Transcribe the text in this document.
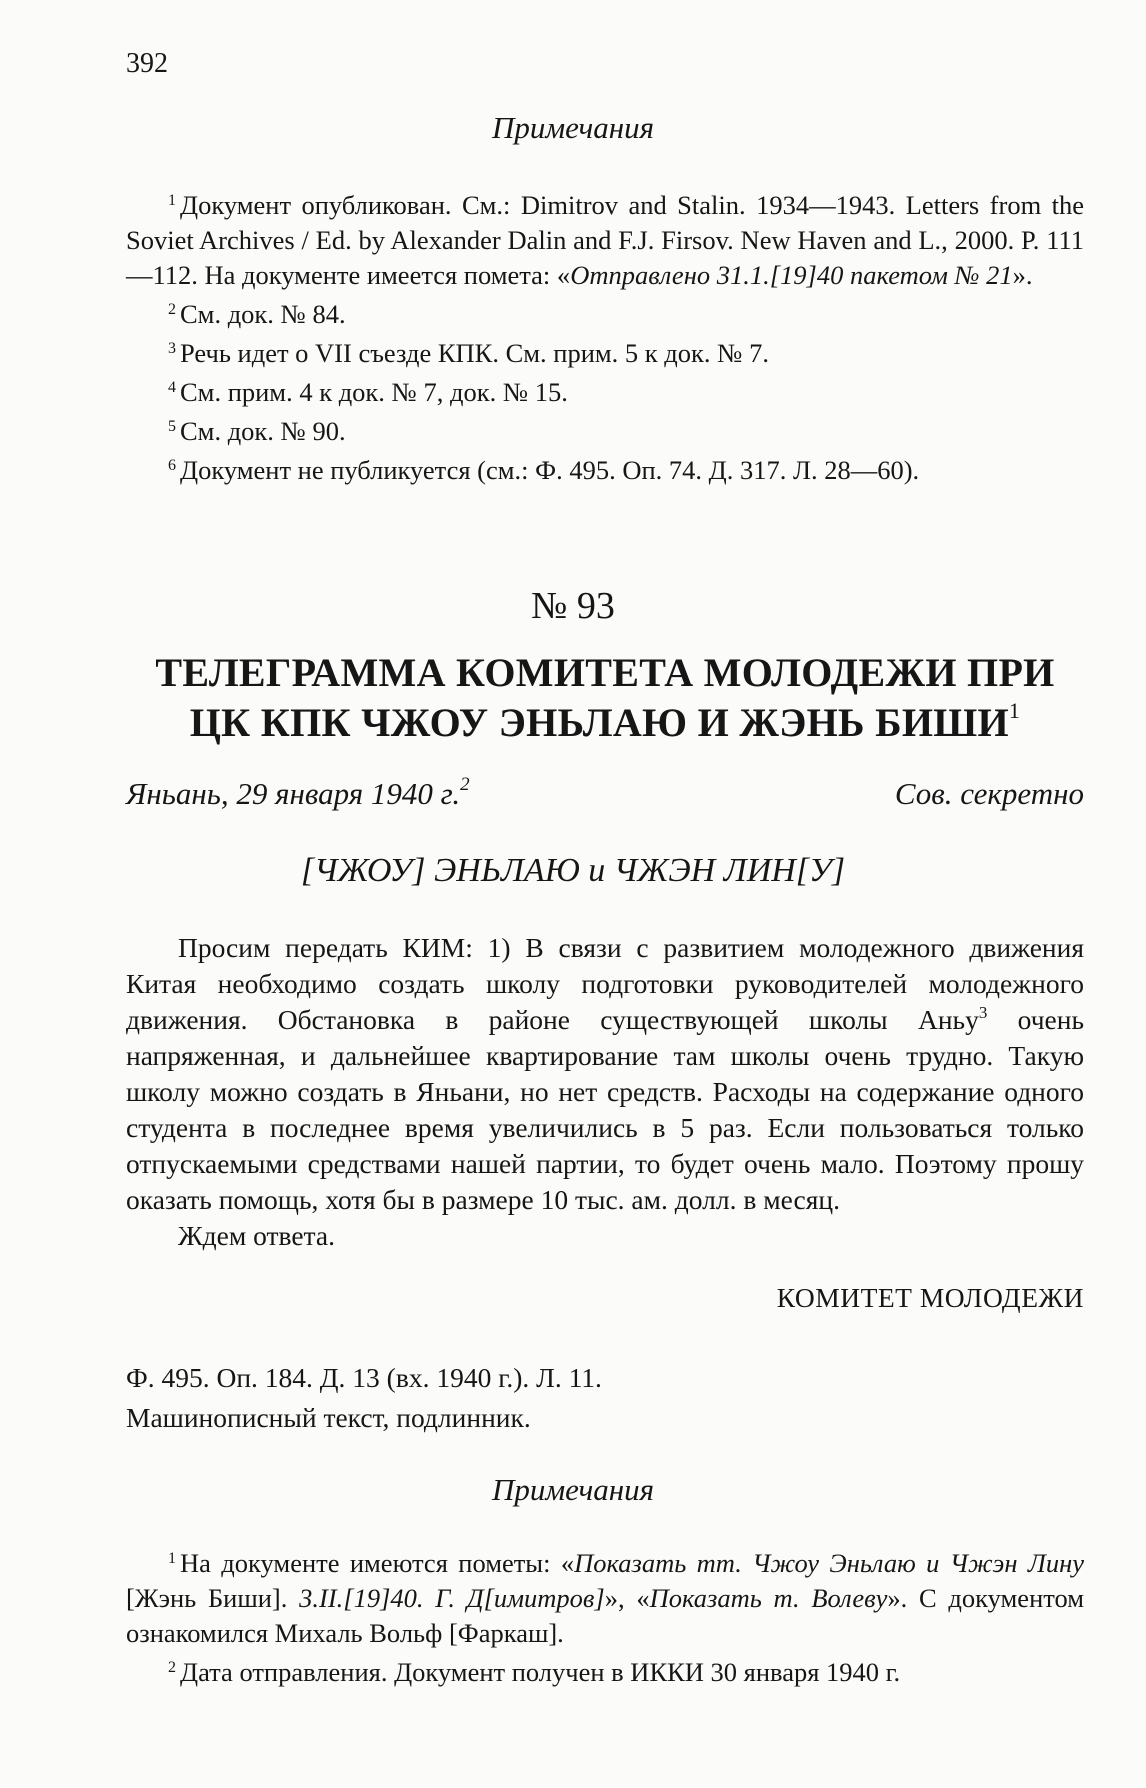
392
Примечания

$^1$ Документ опубликован. См.: Dimitrov and Stalin. 1934—1943. Letters from the Soviet Archives / Ed. by Alexander Dalin and F.J. Firsov. New Haven and L., 2000. P. 111—112. На документе имеется помета: «Отправлено 31.1.[19]40 пакетом № 21».

$^2$ См. док. № 84.

$^3$ Речь идет о VII съезде КПК. См. прим. 5 к док. № 7.

$^4$ См. прим. 4 к док. № 7, док. № 15.

$^5$ См. док. № 90.

$^6$ Документ не публикуется (см.: Ф. 495. Оп. 74. Д. 317. Л. 28—60).

№ 93
ТЕЛЕГРАММА КОМИТЕТА МОЛОДЕЖИ ПРИ ЦК КПК ЧЖОУ ЭНЬЛАЮ И ЖЭНЬ БИШИ$^1$
Яньань, 29 января 1940 г.$^2$	Сов. секретно
[ЧЖОУ] ЭНЬЛАЮ и ЧЖЭН ЛИН[У]

Просим передать КИМ: 1) В связи с развитием молодежного движения Китая необходимо создать школу подготовки руководителей молодежного движения. Обстановка в районе существующей школы Аньу$^3$ очень напряженная, и дальнейшее квартирование там школы очень трудно. Такую школу можно создать в Яньани, но нет средств. Расходы на содержание одного студента в последнее время увеличились в 5 раз. Если пользоваться только отпускаемыми средствами нашей партии, то будет очень мало. Поэтому прошу оказать помощь, хотя бы в размере 10 тыс. ам. долл. в месяц.

Ждем ответа.

КОМИТЕТ МОЛОДЕЖИ
Ф. 495. Оп. 184. Д. 13 (вх. 1940 г.). Л. 11.
Машинописный текст, подлинник.
Примечания

$^1$ На документе имеются пометы: «Показать тт. Чжоу Эньлаю и Чжэн Лину [Жэнь Биши]. 3.II.[19]40. Г. Д[имитров]», «Показать т. Волеву». С документом ознакомился Михаль Вольф [Фаркаш].

$^2$ Дата отправления. Документ получен в ИККИ 30 января 1940 г.
